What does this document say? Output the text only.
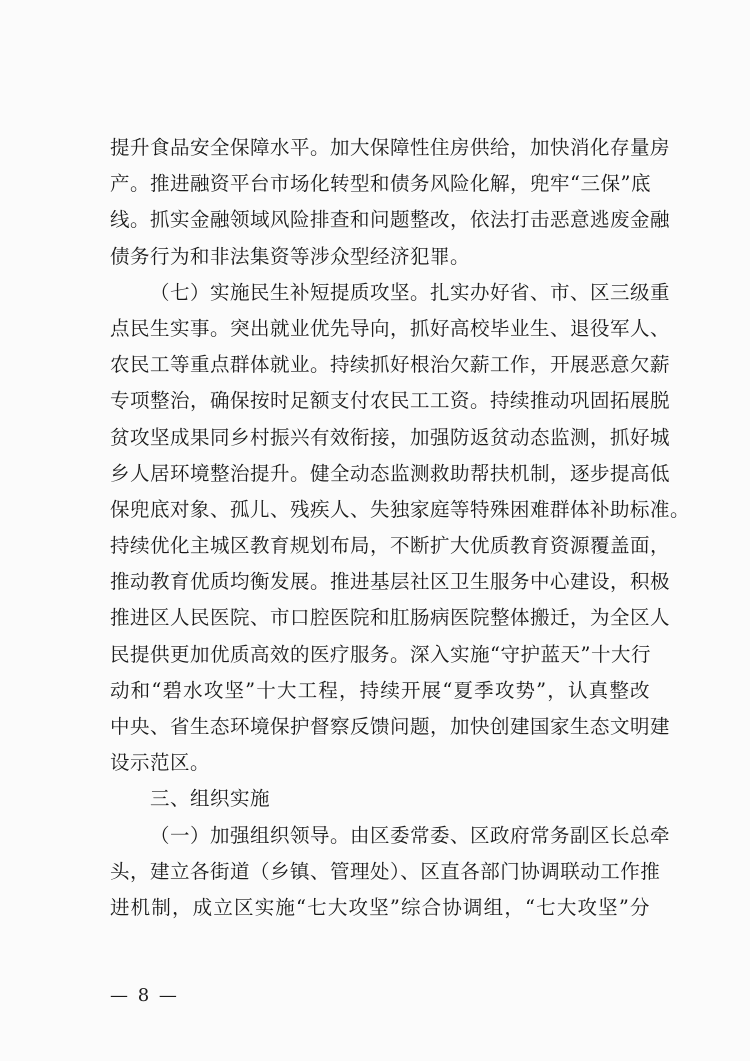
提升食品安全保障水平。加大保障性住房供给，加快消化存量房
产。推进融资平台市场化转型和债务风险化解，兜牢“三保”底
线。抓实金融领域风险排查和问题整改，依法打击恶意逃废金融
债务行为和非法集资等涉众型经济犯罪。
（七）实施民生补短提质攻坚。扎实办好省、市、区三级重
点民生实事。突出就业优先导向，抓好高校毕业生、退役军人、
农民工等重点群体就业。持续抓好根治欠薪工作，开展恶意欠薪
专项整治，确保按时足额支付农民工工资。持续推动巩固拓展脱
贫攻坚成果同乡村振兴有效衔接，加强防返贫动态监测，抓好城
乡人居环境整治提升。健全动态监测救助帮扶机制，逐步提高低
保兜底对象、孤儿、残疾人、失独家庭等特殊困难群体补助标准。
持续优化主城区教育规划布局，不断扩大优质教育资源覆盖面，
推动教育优质均衡发展。推进基层社区卫生服务中心建设，积极
推进区人民医院、市口腔医院和肛肠病医院整体搬迁，为全区人
民提供更加优质高效的医疗服务。深入实施“守护蓝天”十大行
动和“碧水攻坚”十大工程，持续开展“夏季攻势”，认真整改
中央、省生态环境保护督察反馈问题，加快创建国家生态文明建
设示范区。
三、组织实施
（一）加强组织领导。由区委常委、区政府常务副区长总牵
头，建立各街道（乡镇、管理处）、区直各部门协调联动工作推
进机制，成立区实施“七大攻坚”综合协调组，“七大攻坚”分
— 8 —
